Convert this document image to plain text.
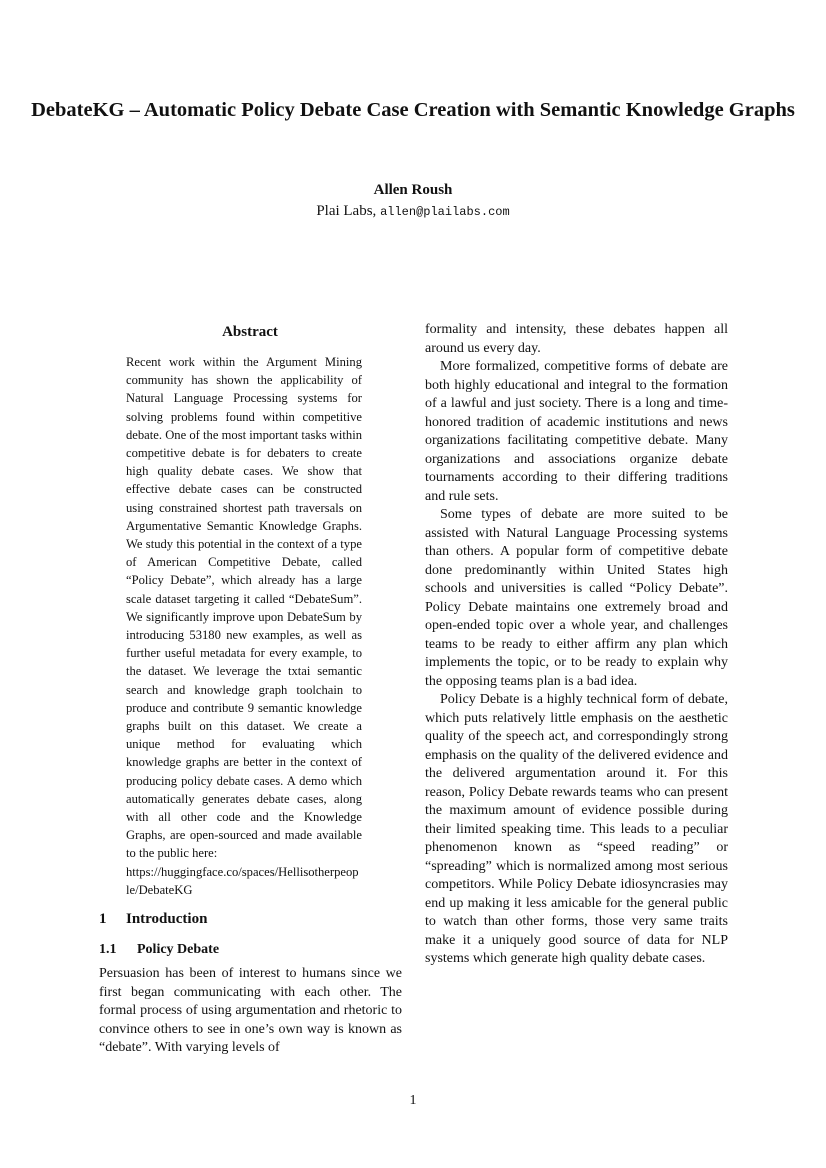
DebateKG – Automatic Policy Debate Case Creation with Semantic Knowledge Graphs

Allen Roush

Plai Labs, allen@plailabs.com

Abstract
Recent work within the Argument Mining community has shown the applicability of Natural Language Processing systems for solving problems found within competitive debate. One of the most important tasks within competitive debate is for debaters to create high quality debate cases. We show that effective debate cases can be constructed using constrained shortest path traversals on Argumentative Semantic Knowledge Graphs. We study this potential in the context of a type of American Competitive Debate, called “Policy Debate”, which already has a large scale dataset targeting it called “DebateSum”. We significantly improve upon DebateSum by introducing 53180 new examples, as well as further useful metadata for every example, to the dataset. We leverage the txtai semantic search and knowledge graph toolchain to produce and contribute 9 semantic knowledge graphs built on this dataset. We create a unique method for evaluating which knowledge graphs are better in the context of producing policy debate cases. A demo which automatically generates debate cases, along with all other code and the Knowledge Graphs, are open-sourced and made available to the public here:
https://huggingface.co/spaces/Hellisotherpeople/DebateKG
1 Introduction
1.1 Policy Debate

Persuasion has been of interest to humans since we first began communicating with each other. The formal process of using argumentation and rhetoric to convince others to see in one’s own way is known as “debate”. With varying levels of

formality and intensity, these debates happen all around us every day.

More formalized, competitive forms of debate are both highly educational and integral to the formation of a lawful and just society. There is a long and time-honored tradition of academic institutions and news organizations facilitating competitive debate. Many organizations and associations organize debate tournaments according to their differing traditions and rule sets.

Some types of debate are more suited to be assisted with Natural Language Processing systems than others. A popular form of competitive debate done predominantly within United States high schools and universities is called “Policy Debate”. Policy Debate maintains one extremely broad and open-ended topic over a whole year, and challenges teams to be ready to either affirm any plan which implements the topic, or to be ready to explain why the opposing teams plan is a bad idea.

Policy Debate is a highly technical form of debate, which puts relatively little emphasis on the aesthetic quality of the speech act, and correspondingly strong emphasis on the quality of the delivered evidence and the delivered argumentation around it. For this reason, Policy Debate rewards teams who can present the maximum amount of evidence possible during their limited speaking time. This leads to a peculiar phenomenon known as “speed reading” or “spreading” which is normalized among most serious competitors. While Policy Debate idiosyncrasies may end up making it less amicable for the general public to watch than other forms, those very same traits make it a uniquely good source of data for NLP systems which generate high quality debate cases.

1
